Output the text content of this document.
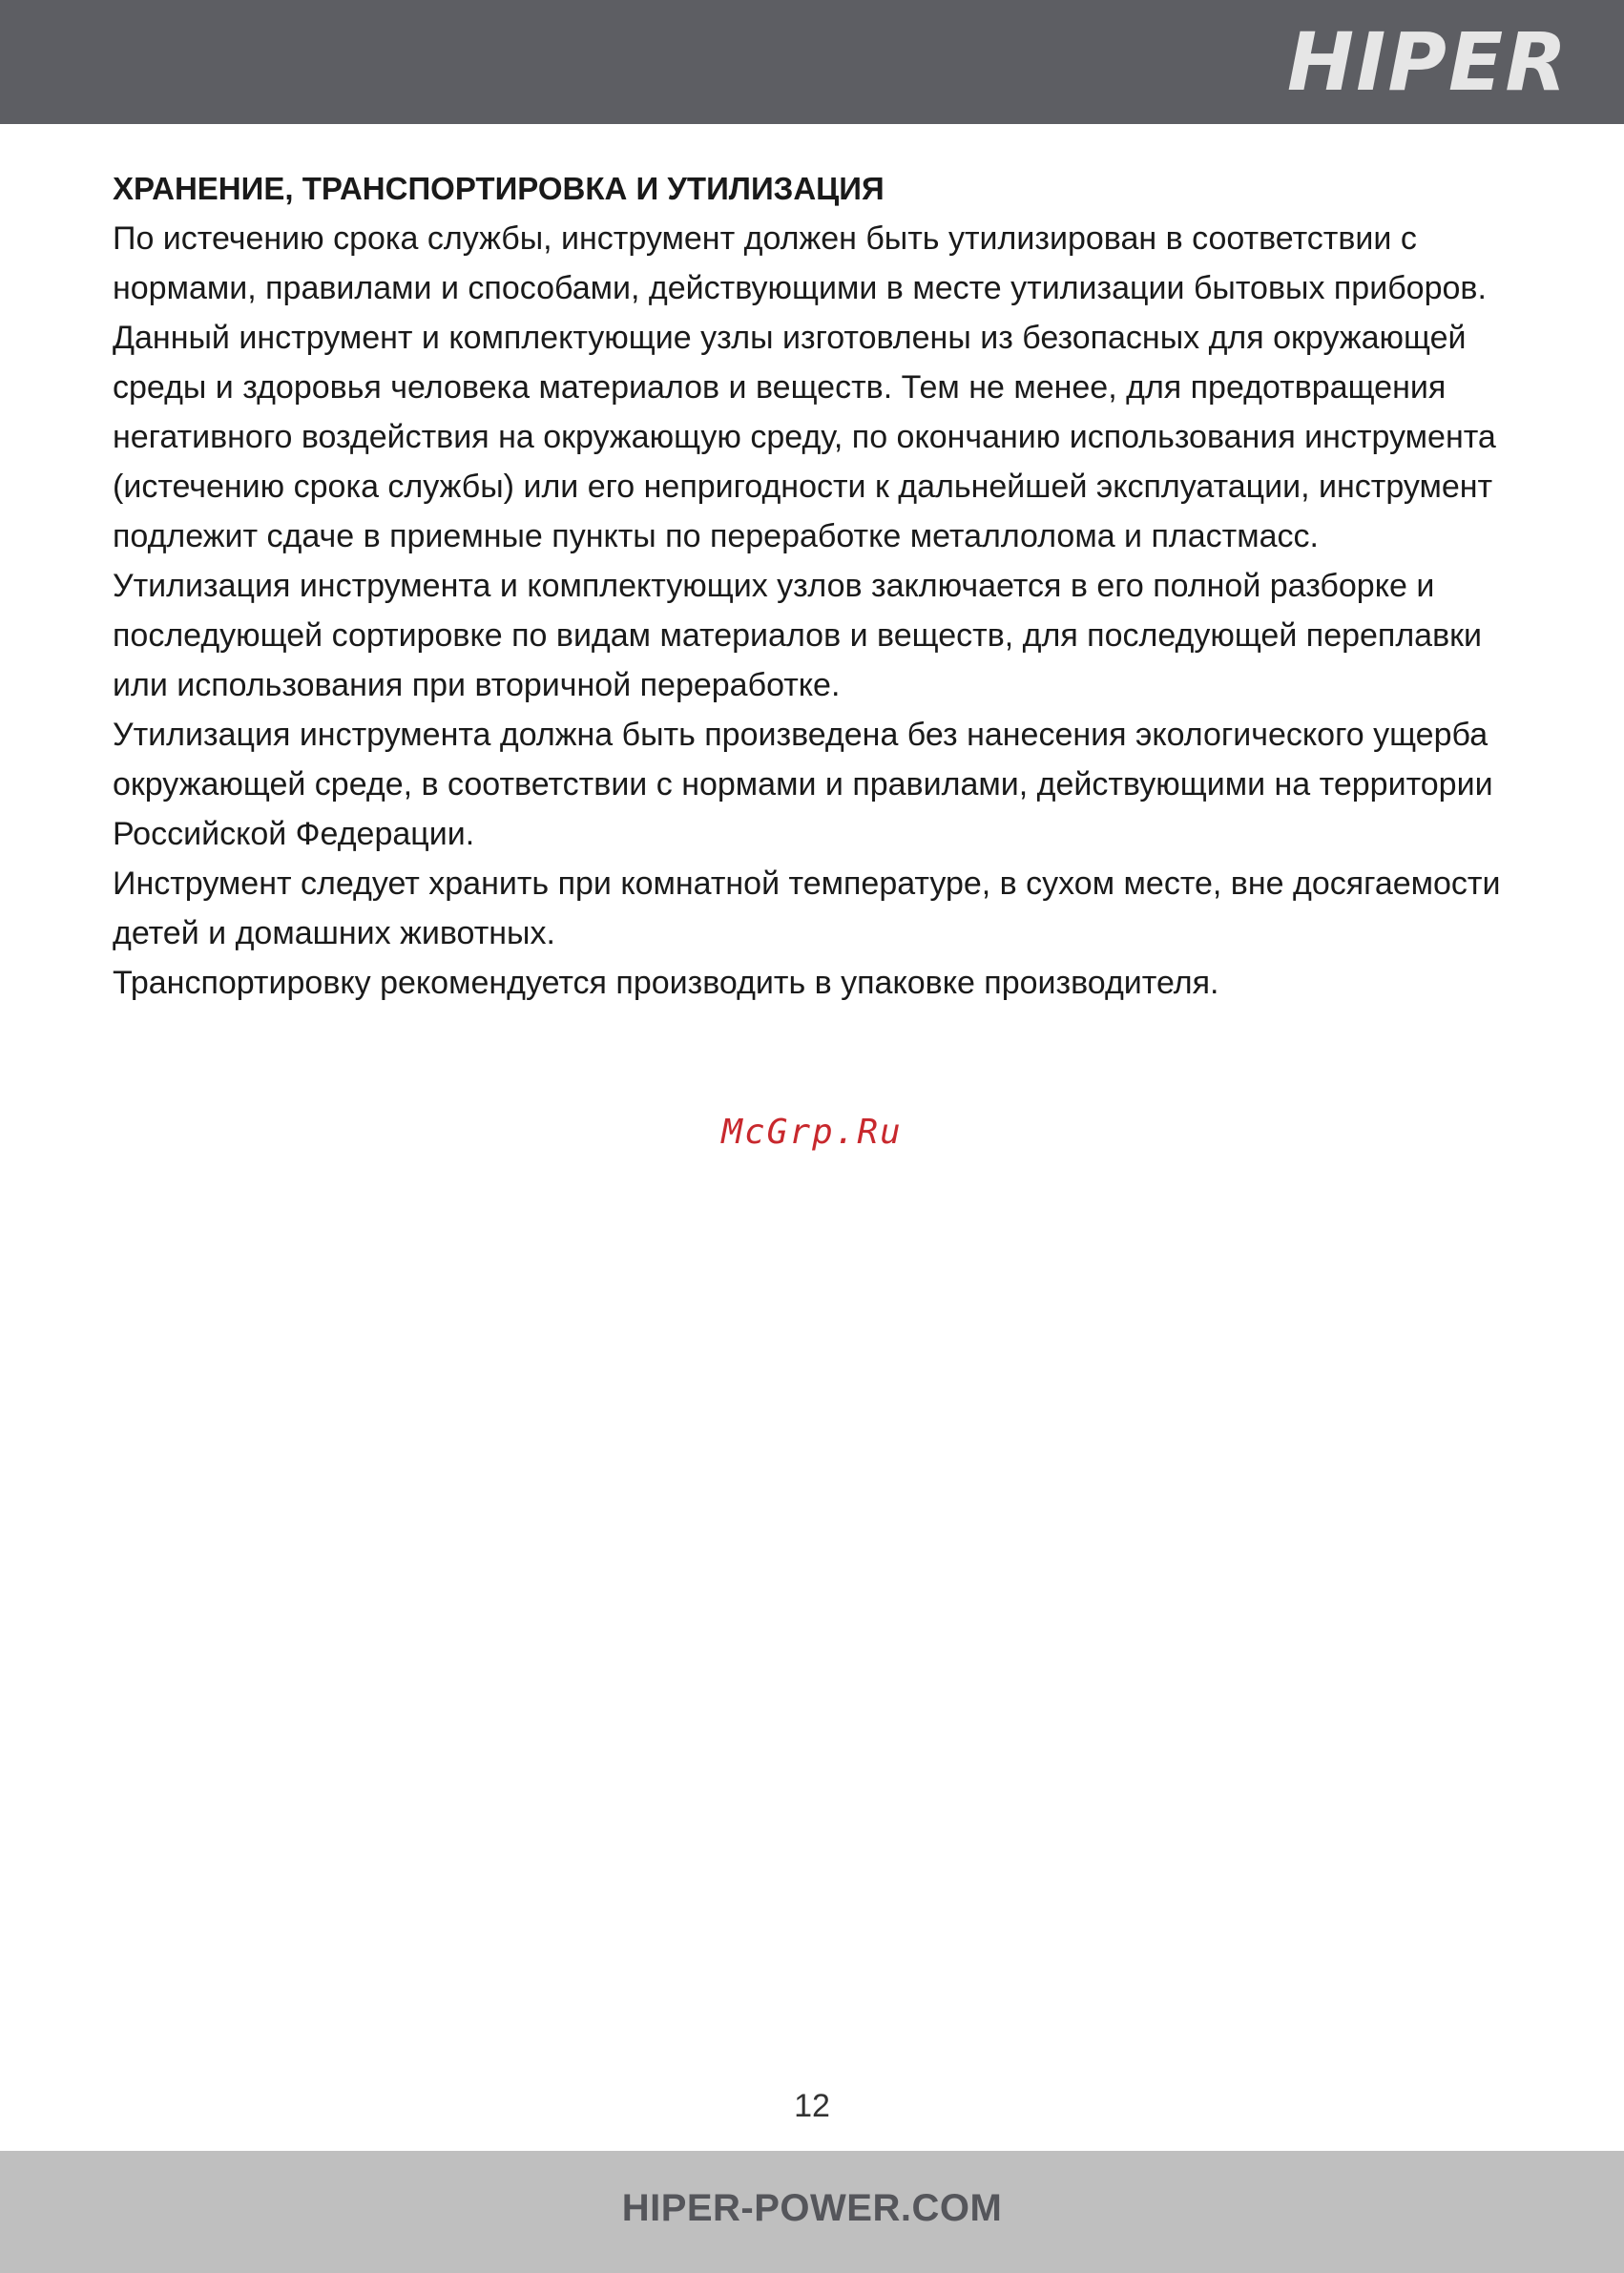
HIPER
ХРАНЕНИЕ, ТРАНСПОРТИРОВКА И УТИЛИЗАЦИЯ

По истечению срока службы, инструмент должен быть утилизирован в соответствии с нормами, правилами и способами, действующими в месте утилизации бытовых приборов.

Данный инструмент и комплектующие узлы изготовлены из безопасных для окружающей среды и здоровья человека материалов и веществ. Тем не менее, для предотвращения негативного воздействия на окружающую среду, по окончанию использования инструмента (истечению срока службы) или его непригодности к дальнейшей эксплуатации, инструмент подлежит сдаче в приемные пункты по переработке металлолома и пластмасс.

Утилизация инструмента и комплектующих узлов заключается в его полной разборке и последующей сортировке по видам материалов и веществ, для последующей переплавки или использования при вторичной переработке.

Утилизация инструмента должна быть произведена без нанесения экологического ущерба окружающей среде, в соответствии с нормами и правилами, действующими на территории Российской Федерации.

Инструмент следует хранить при комнатной температуре, в сухом месте, вне досягаемости детей и домашних животных.

Транспортировку рекомендуется производить в упаковке производителя.

McGrp.Ru
12
HIPER-POWER.COM
